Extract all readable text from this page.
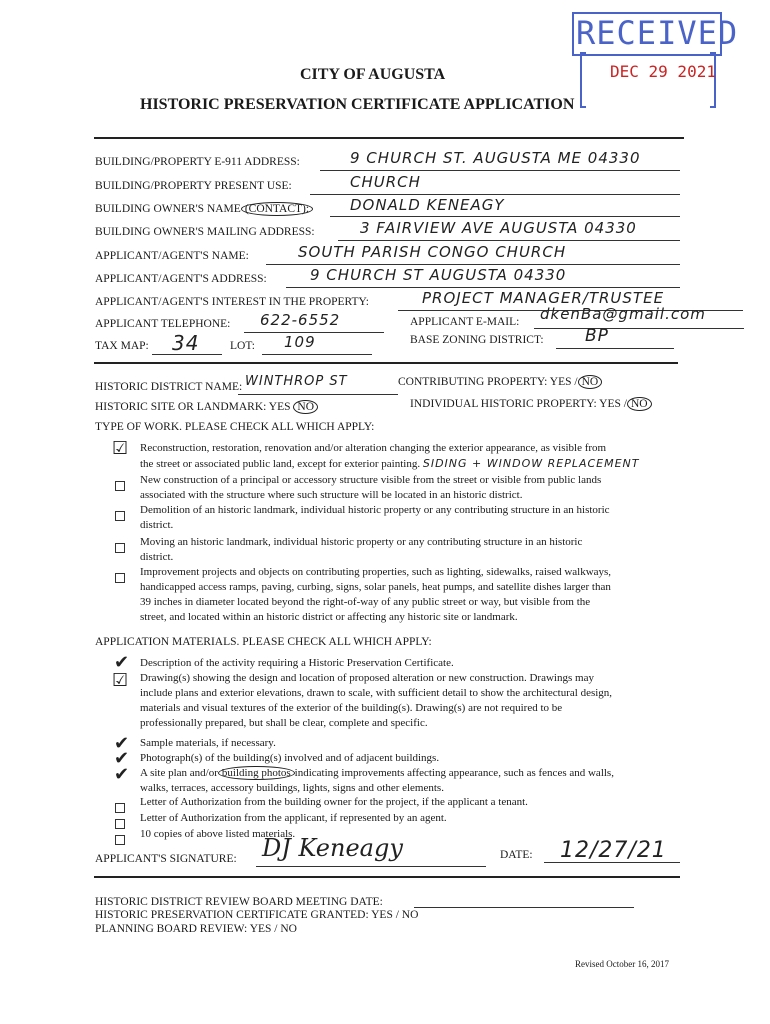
RECEIVED
DEC 29 2021
CITY OF AUGUSTA
HISTORIC PRESERVATION CERTIFICATE APPLICATION
BUILDING/PROPERTY E-911 ADDRESS:	9 CHURCH ST. AUGUSTA ME 04330
BUILDING/PROPERTY PRESENT USE:	CHURCH
BUILDING OWNER'S NAME (CONTACT):	DONALD KENEAGY
BUILDING OWNER'S MAILING ADDRESS:	3 FAIRVIEW AVE AUGUSTA 04330
APPLICANT/AGENT'S NAME:	SOUTH PARISH CONGO CHURCH
APPLICANT/AGENT'S ADDRESS:	9 CHURCH ST AUGUSTA 04330
APPLICANT/AGENT'S INTEREST IN THE PROPERTY:	PROJECT MANAGER/TRUSTEE
APPLICANT TELEPHONE: 622-6552	APPLICANT E-MAIL: dkenBa@gmail.com
TAX MAP: 34	LOT: 109	BASE ZONING DISTRICT: BP
HISTORIC DISTRICT NAME: WINTHROP ST	CONTRIBUTING PROPERTY: YES / NO
HISTORIC SITE OR LANDMARK: YES NO	INDIVIDUAL HISTORIC PROPERTY: YES / NO
TYPE OF WORK. PLEASE CHECK ALL WHICH APPLY:
☑ Reconstruction, restoration, renovation and/or alteration changing the exterior appearance, as visible from
the street or associated public land, except for exterior painting. SIDING + WINDOW REPLACEMENT
New construction of a principal or accessory structure visible from the street or visible from public lands
associated with the structure where such structure will be located in an historic district.
Demolition of an historic landmark, individual historic property or any contributing structure in an historic
district.
Moving an historic landmark, individual historic property or any contributing structure in an historic
district.
Improvement projects and objects on contributing properties, such as lighting, sidewalks, raised walkways,
handicapped access ramps, paving, curbing, signs, solar panels, heat pumps, and satellite dishes larger than
39 inches in diameter located beyond the right-of-way of any public street or way, but visible from the
street, and located within an historic district or affecting any historic site or landmark.
APPLICATION MATERIALS. PLEASE CHECK ALL WHICH APPLY:
✔ Description of the activity requiring a Historic Preservation Certificate.
☑ Drawing(s) showing the design and location of proposed alteration or new construction. Drawings may
include plans and exterior elevations, drawn to scale, with sufficient detail to show the architectural design,
materials and visual textures of the exterior of the building(s). Drawing(s) are not required to be
professionally prepared, but shall be clear, complete and specific.
✔ Sample materials, if necessary.
✔ Photograph(s) of the building(s) involved and of adjacent buildings.
✔ A site plan and/or building photos indicating improvements affecting appearance, such as fences and walls,
walks, terraces, accessory buildings, lights, signs and other elements.
Letter of Authorization from the building owner for the project, if the applicant a tenant.
Letter of Authorization from the applicant, if represented by an agent.
10 copies of above listed materials.
APPLICANT'S SIGNATURE: DJ Keneagy	DATE: 12/27/21
HISTORIC DISTRICT REVIEW BOARD MEETING DATE:
HISTORIC PRESERVATION CERTIFICATE GRANTED: YES / NO
PLANNING BOARD REVIEW: YES / NO
Revised October 16, 2017
